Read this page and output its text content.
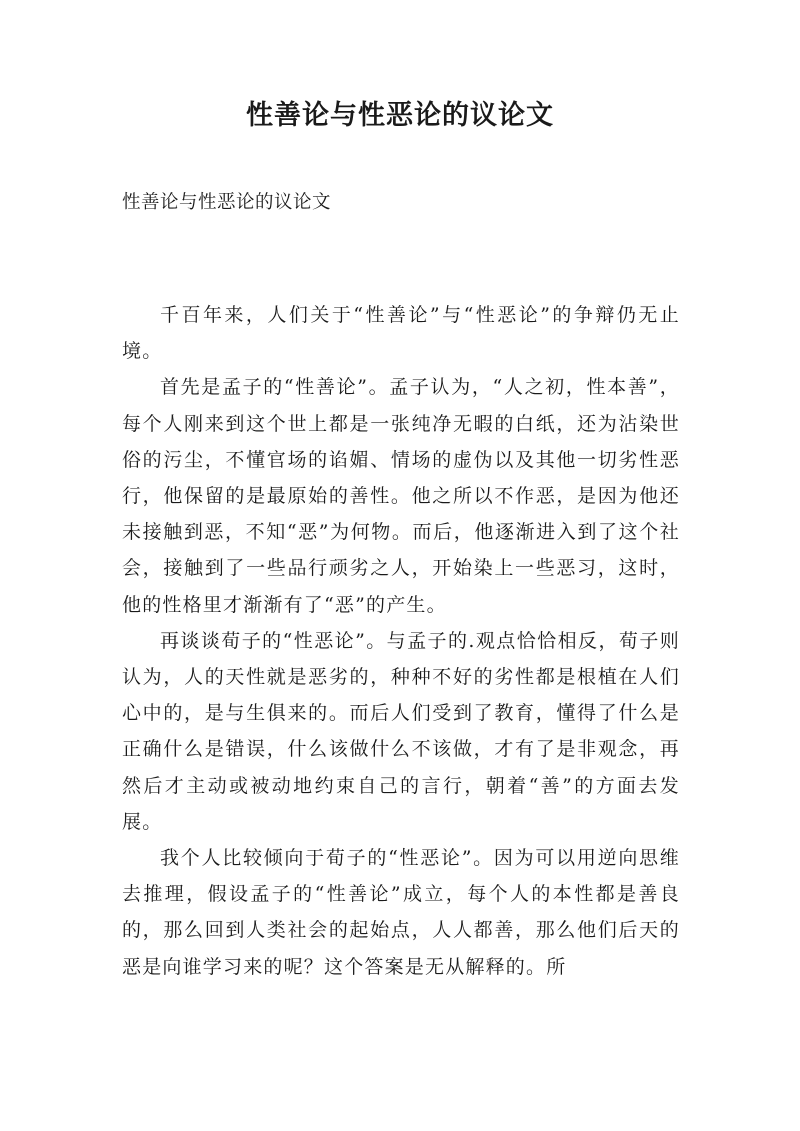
性善论与性恶论的议论文
性善论与性恶论的议论文

千百年来，人们关于“性善论”与“性恶论”的争辩仍无止境。

首先是孟子的“性善论”。孟子认为，“人之初，性本善”，每个人刚来到这个世上都是一张纯净无暇的白纸，还为沾染世俗的污尘，不懂官场的谄媚、情场的虚伪以及其他一切劣性恶行，他保留的是最原始的善性。他之所以不作恶，是因为他还未接触到恶，不知“恶”为何物。而后，他逐渐进入到了这个社会，接触到了一些品行顽劣之人，开始染上一些恶习，这时，他的性格里才渐渐有了“恶”的产生。

再谈谈荀子的“性恶论”。与孟子的.观点恰恰相反，荀子则认为，人的天性就是恶劣的，种种不好的劣性都是根植在人们心中的，是与生俱来的。而后人们受到了教育，懂得了什么是正确什么是错误，什么该做什么不该做，才有了是非观念，再然后才主动或被动地约束自己的言行，朝着“善”的方面去发展。

我个人比较倾向于荀子的“性恶论”。因为可以用逆向思维去推理，假设孟子的“性善论”成立，每个人的本性都是善良的，那么回到人类社会的起始点，人人都善，那么他们后天的恶是向谁学习来的呢？这个答案是无从解释的。所
